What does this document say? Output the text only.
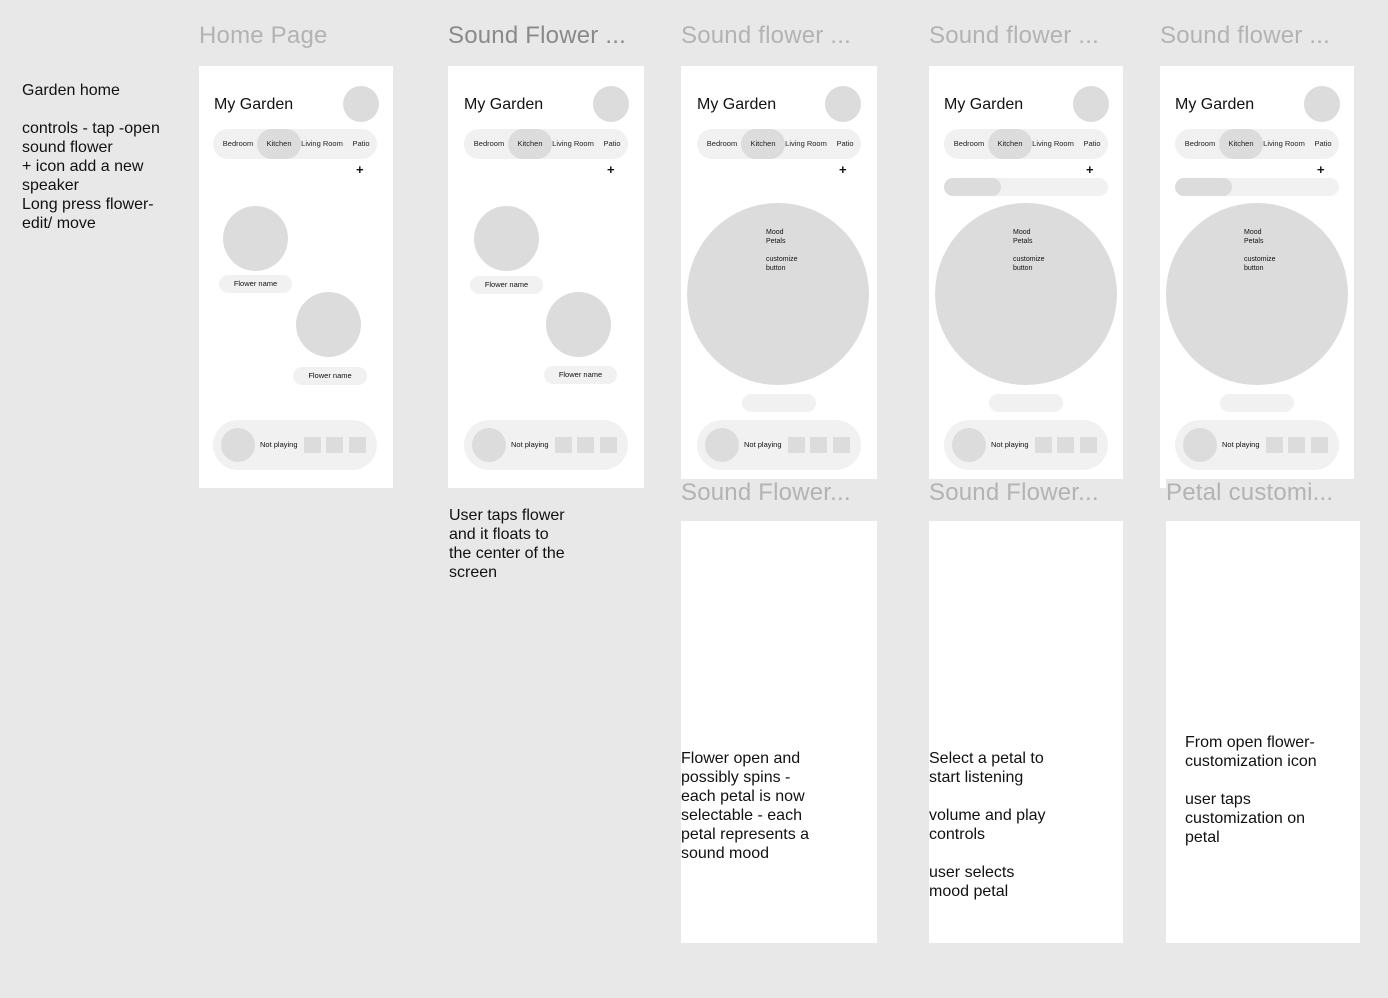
Garden home

controls - tap -open sound flower
+ icon add a new speaker
Long press flower- edit/ move
Home Page
My Garden
Bedroom	Kitchen	Living Room	Patio
+
Flower name
Flower name
Not playing
Sound Flower ...
My Garden
Bedroom	Kitchen	Living Room	Patio
+
Flower name
Flower name
Not playing
User taps flower
and it floats to
the center of the
screen
Sound flower ...
My Garden
Bedroom	Kitchen	Living Room	Patio
+
Mood
Petals
customize
button
Not playing
Sound flower ...
My Garden
Bedroom	Kitchen	Living Room	Patio
+
Mood
Petals
customize
button
Not playing
Sound flower ...
My Garden
Bedroom	Kitchen	Living Room	Patio
+
Mood
Petals
customize
button
Not playing
Sound Flower...
Flower open and
possibly spins -
each petal is now
selectable - each
petal represents a
sound mood
Sound Flower...
Select a petal to
start listening

volume and play
controls

user selects
mood petal
Petal customi...
From open flower-
customization icon

user taps
customization on
petal
